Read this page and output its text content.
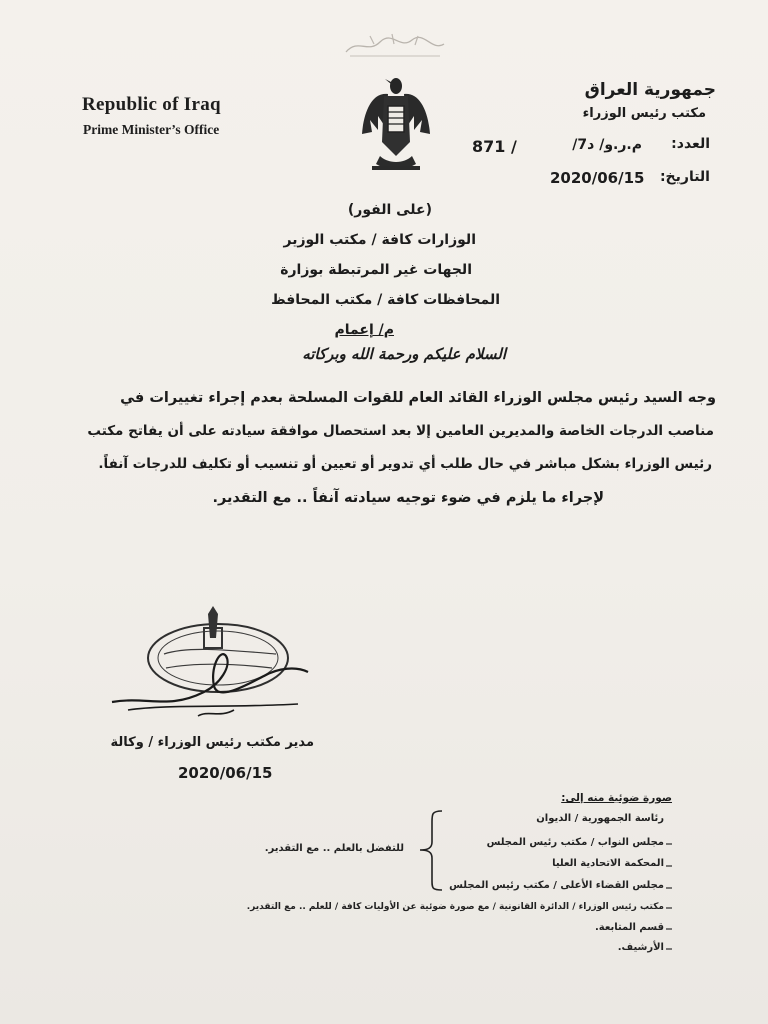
Republic of Iraq
Prime Minister’s Office
جمهورية العراق
مكتب رئيس الوزراء
العدد:
م.ر.و/ د7/
871 /
التاريخ:
2020/06/15
(على الفور)
الوزارات كافة / مكتب الوزير
الجهات غير المرتبطة بوزارة
المحافظات كافة / مكتب المحافظ
م/ إعمام
السلام عليكم ورحمة الله وبركاته
وجه السيد رئيس مجلس الوزراء القائد العام للقوات المسلحة بعدم إجراء تغييرات في
مناصب الدرجات الخاصة والمديرين العامين إلا بعد استحصال موافقة سيادته على أن يفاتح مكتب
رئيس الوزراء بشكل مباشر في حال طلب أي تدوير أو تعيين أو تنسيب أو تكليف للدرجات آنفاً.
لإجراء ما يلزم في ضوء توجيه سيادته آنفاً .. مع التقدير.
مدير مكتب رئيس الوزراء / وكالة
2020/06/15
صورة ضوئية منه إلى:
رئاسة الجمهورية / الديوان
مجلس النواب / مكتب رئيس المجلس
المحكمة الاتحادية العليا
مجلس القضاء الأعلى / مكتب رئيس المجلس
مكتب رئيس الوزراء / الدائرة القانونية / مع صورة ضوئية عن الأوليات كافة / للعلم .. مع التقدير.
قسم المتابعة.
الأرشيف.
للتفضل بالعلم .. مع التقدير.
